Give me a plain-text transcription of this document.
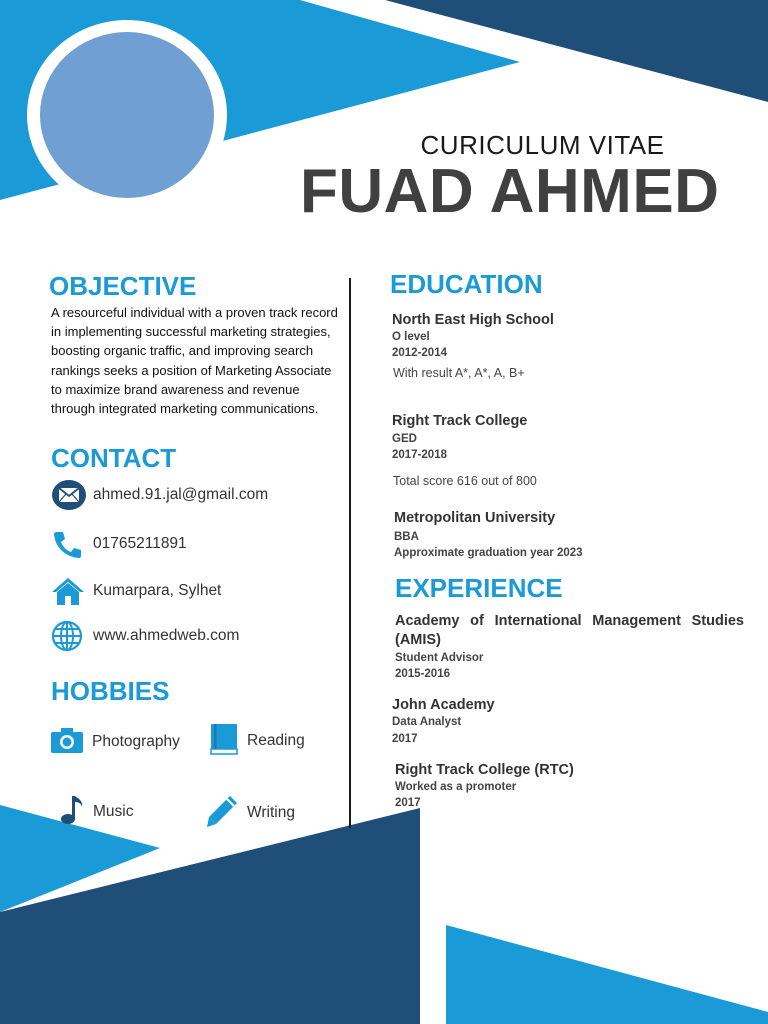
CURICULUM VITAE
FUAD AHMED
OBJECTIVE
A resourceful individual with a proven track record in implementing successful marketing strategies, boosting organic traffic, and improving search rankings seeks a position of Marketing Associate to maximize brand awareness and revenue through integrated marketing communications.
CONTACT
ahmed.91.jal@gmail.com
01765211891
Kumarpara, Sylhet
www.ahmedweb.com
HOBBIES
Photography	Reading
Music	Writing
EDUCATION
North East High School
O level
2012-2014
With result A*, A*, A, B+
Right Track College
GED
2017-2018
Total score 616 out of 800
Metropolitan University
BBA
Approximate graduation year 2023
EXPERIENCE
Academy of International Management Studies (AMIS)
Student Advisor
2015-2016
John Academy
Data Analyst
2017
Right Track College (RTC)
Worked as a promoter
2017
